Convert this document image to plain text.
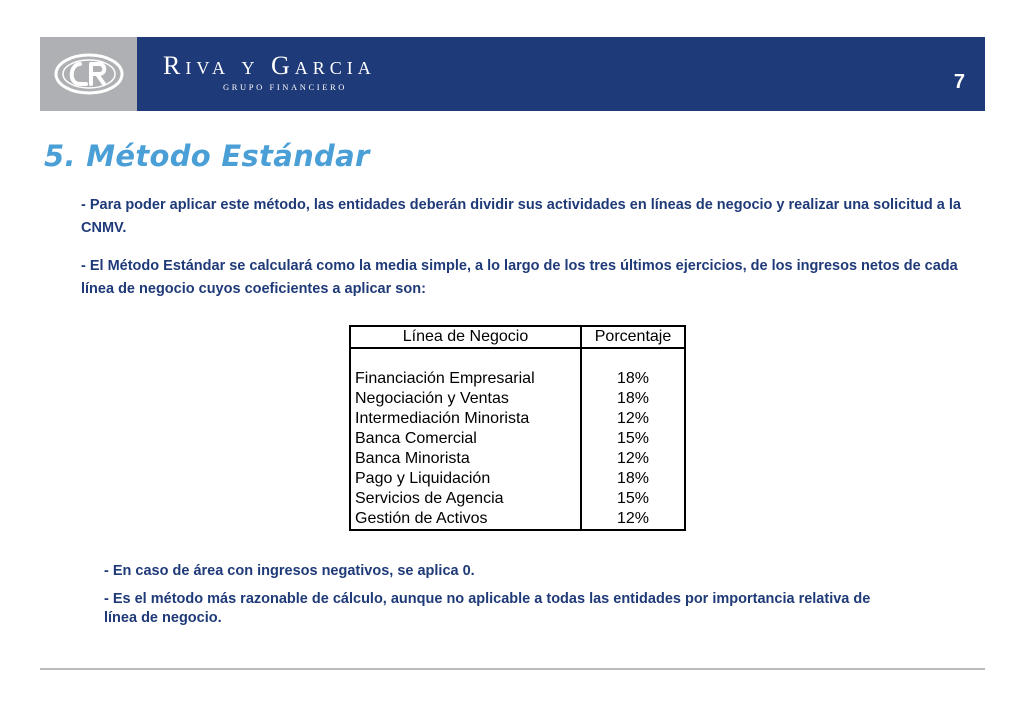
Riva y Garcia
GRUPO FINANCIERO	7
5. Método Estándar

- Para poder aplicar este método, las entidades deberán dividir sus actividades en líneas de negocio y realizar una solicitud a la CNMV.

- El Método Estándar se calculará como la media simple, a lo largo de los tres últimos ejercicios, de los ingresos netos de cada línea de negocio cuyos coeficientes a aplicar son:

Línea de Negocio	Porcentaje

Financiación Empresarial	18%
Negociación y Ventas	18%
Intermediación Minorista	12%
Banca Comercial	15%
Banca Minorista	12%
Pago y Liquidación	18%
Servicios de Agencia	15%
Gestión de Activos	12%

- En caso de área con ingresos negativos, se aplica 0.

- Es el método más razonable de cálculo, aunque no aplicable a todas las entidades por importancia relativa de línea de negocio.
